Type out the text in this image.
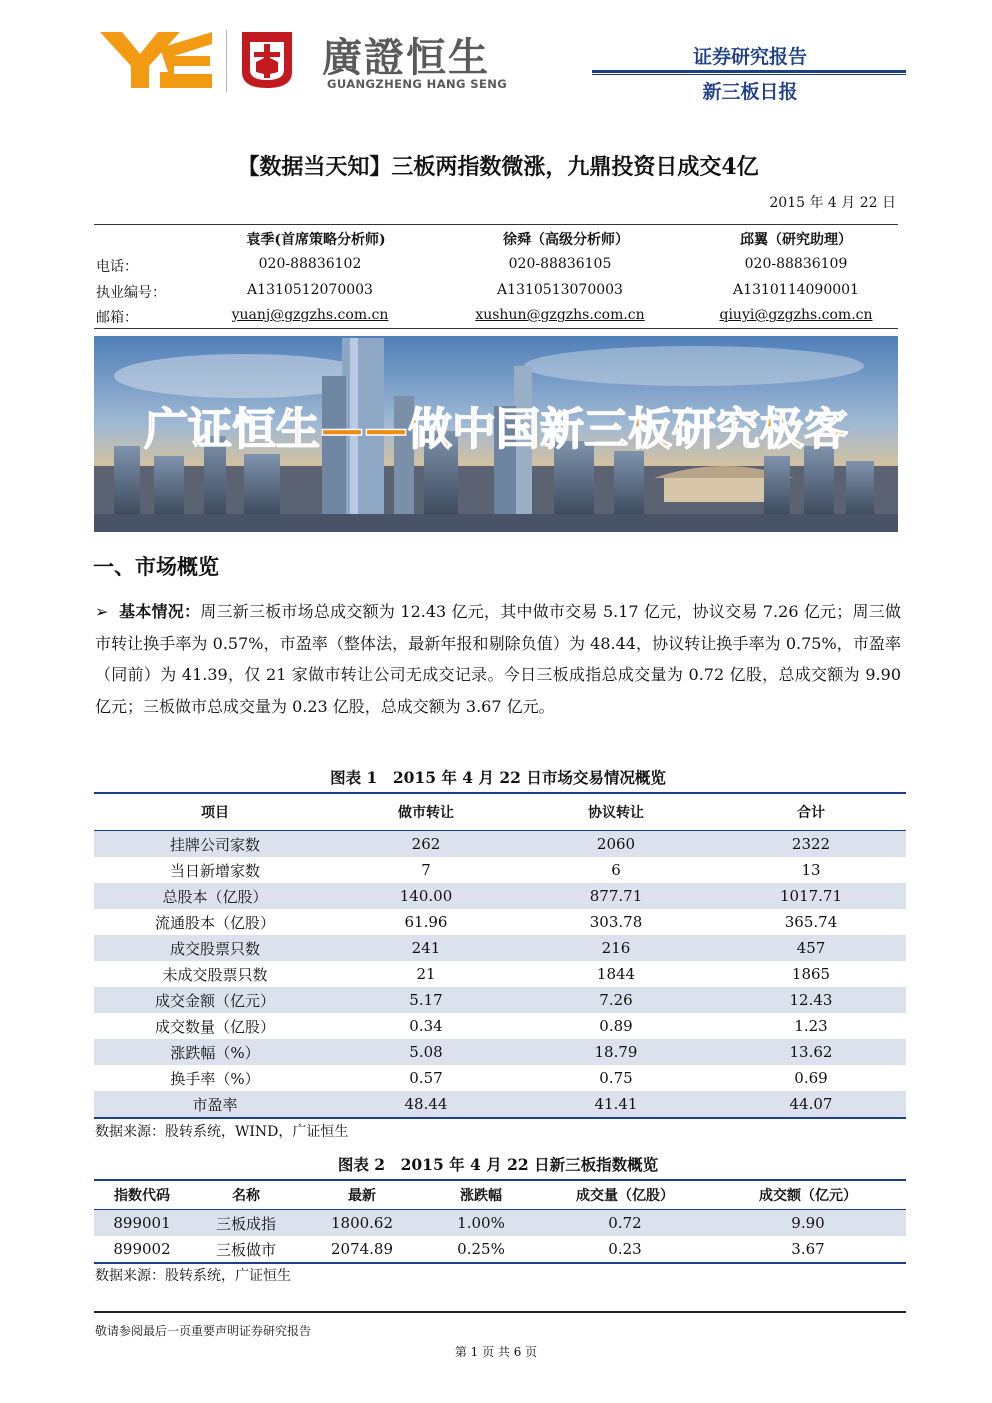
廣證恒生
GUANGZHENG HANG SENG
证券研究报告
新三板日报
【数据当天知】三板两指数微涨，九鼎投资日成交4亿
2015 年 4 月 22 日
袁季(首席策略分析师)	徐舜（高级分析师）	邱翼（研究助理）
电话：	020-88836102	020-88836105	020-88836109
执业编号：	A1310512070003	A1310513070003	A1310114090001
邮箱：	yuanj@gzgzhs.com.cn	xushun@gzgzhs.com.cn	qiuyi@gzgzhs.com.cn
广证恒生——做中国新三板研究极客
一、市场概览
➢ 基本情况：周三新三板市场总成交额为 12.43 亿元，其中做市交易 5.17 亿元，协议交易 7.26 亿元；周三做市转让换手率为 0.57%，市盈率（整体法，最新年报和剔除负值）为 48.44，协议转让换手率为 0.75%，市盈率（同前）为 41.39，仅 21 家做市转让公司无成交记录。今日三板成指总成交量为 0.72 亿股，总成交额为 9.90 亿元；三板做市总成交量为 0.23 亿股，总成交额为 3.67 亿元。
图表 1　2015 年 4 月 22 日市场交易情况概览
项目	做市转让	协议转让	合计
挂牌公司家数	262	2060	2322
当日新增家数	7	6	13
总股本（亿股）	140.00	877.71	1017.71
流通股本（亿股）	61.96	303.78	365.74
成交股票只数	241	216	457
未成交股票只数	21	1844	1865
成交金额（亿元）	5.17	7.26	12.43
成交数量（亿股）	0.34	0.89	1.23
涨跌幅（%）	5.08	18.79	13.62
换手率（%）	0.57	0.75	0.69
市盈率	48.44	41.41	44.07
数据来源：股转系统，WIND，广证恒生
图表 2　2015 年 4 月 22 日新三板指数概览
指数代码	名称	最新	涨跌幅	成交量（亿股）	成交额（亿元）
899001	三板成指	1800.62	1.00%	0.72	9.90
899002	三板做市	2074.89	0.25%	0.23	3.67
数据来源：股转系统，广证恒生
敬请参阅最后一页重要声明证券研究报告
第 1 页 共 6 页
